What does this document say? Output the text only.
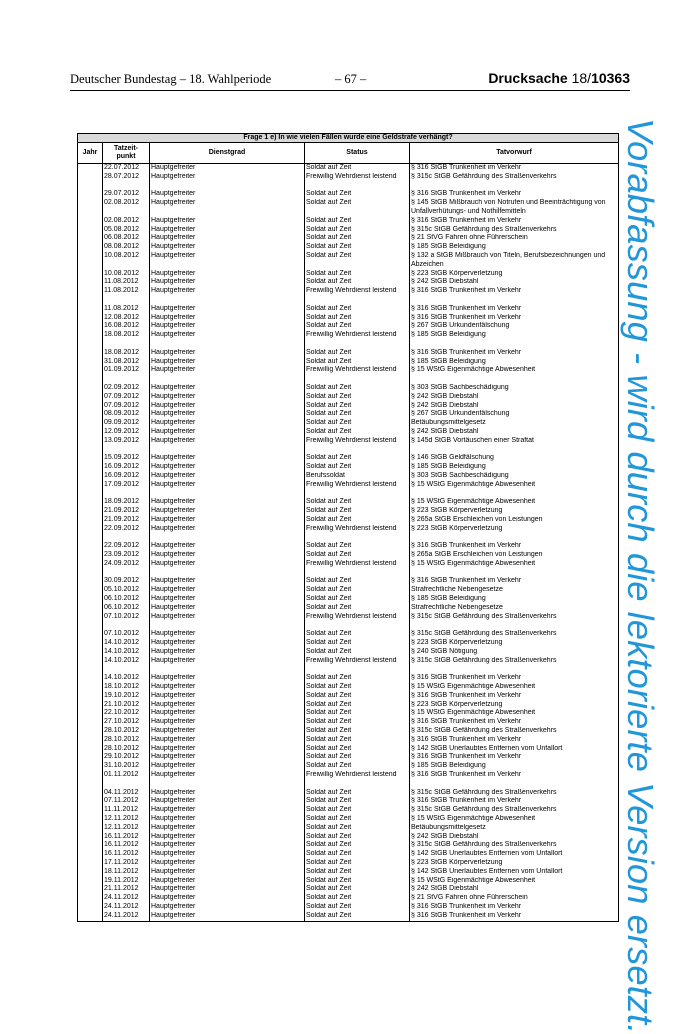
Deutscher Bundestag – 18. Wahlperiode	– 67 –	Drucksache 18/10363
Vorabfassung - wird durch die lektorierte Version ersetzt.
Frage 1 e) In wie vielen Fällen wurde eine Geldstrafe verhängt?				
Jahr	Tatzeit-
punkt	Dienstgrad	Status	Tatvorwurf
	22.07.2012	Hauptgefreiter	Soldat auf Zeit	§ 316 StGB Trunkenheit im Verkehr
	28.07.2012	Hauptgefreiter	Freiwillig Wehrdienst leistend	§ 315c StGB Gefährdung des Straßenverkehrs

	29.07.2012	Hauptgefreiter	Soldat auf Zeit	§ 316 StGB Trunkenheit im Verkehr
	02.08.2012	Hauptgefreiter	Soldat auf Zeit	§ 145 StGB Mißbrauch von Notrufen und Beeinträchtigung von Unfallverhütungs- und Nothilfemitteln
	02.08.2012	Hauptgefreiter	Soldat auf Zeit	§ 316 StGB Trunkenheit im Verkehr
	05.08.2012	Hauptgefreiter	Soldat auf Zeit	§ 315c StGB Gefährdung des Straßenverkehrs
	06.08.2012	Hauptgefreiter	Soldat auf Zeit	§ 21 StVG Fahren ohne Führerschein
	08.08.2012	Hauptgefreiter	Soldat auf Zeit	§ 185 StGB Beleidigung
	10.08.2012	Hauptgefreiter	Soldat auf Zeit	§ 132 a StGB Mißbrauch von Titeln, Berufsbezeichnungen und Abzeichen
	10.08.2012	Hauptgefreiter	Soldat auf Zeit	§ 223 StGB Körperverletzung
	11.08.2012	Hauptgefreiter	Soldat auf Zeit	§ 242 StGB Diebstahl
	11.08.2012	Hauptgefreiter	Freiwillig Wehrdienst leistend	§ 316 StGB Trunkenheit im Verkehr

	11.08.2012	Hauptgefreiter	Soldat auf Zeit	§ 316 StGB Trunkenheit im Verkehr
	12.08.2012	Hauptgefreiter	Soldat auf Zeit	§ 316 StGB Trunkenheit im Verkehr
	16.08.2012	Hauptgefreiter	Soldat auf Zeit	§ 267 StGB Urkundenfälschung
	18.08.2012	Hauptgefreiter	Freiwillig Wehrdienst leistend	§ 185 StGB Beleidigung

	18.08.2012	Hauptgefreiter	Soldat auf Zeit	§ 316 StGB Trunkenheit im Verkehr
	31.08.2012	Hauptgefreiter	Soldat auf Zeit	§ 185 StGB Beleidigung
	01.09.2012	Hauptgefreiter	Freiwillig Wehrdienst leistend	§ 15 WStG Eigenmächtige Abwesenheit

	02.09.2012	Hauptgefreiter	Soldat auf Zeit	§ 303 StGB Sachbeschädigung
	07.09.2012	Hauptgefreiter	Soldat auf Zeit	§ 242 StGB Diebstahl
	07.09.2012	Hauptgefreiter	Soldat auf Zeit	§ 242 StGB Diebstahl
	08.09.2012	Hauptgefreiter	Soldat auf Zeit	§ 267 StGB Urkundenfälschung
	09.09.2012	Hauptgefreiter	Soldat auf Zeit	Betäubungsmittelgesetz
	12.09.2012	Hauptgefreiter	Soldat auf Zeit	§ 242 StGB Diebstahl
	13.09.2012	Hauptgefreiter	Freiwillig Wehrdienst leistend	§ 145d StGB Vortäuschen einer Straftat

	15.09.2012	Hauptgefreiter	Soldat auf Zeit	§ 146 StGB Geldfälschung
	16.09.2012	Hauptgefreiter	Soldat auf Zeit	§ 185 StGB Beleidigung
	16.09.2012	Hauptgefreiter	Berufssoldat	§ 303 StGB Sachbeschädigung
	17.09.2012	Hauptgefreiter	Freiwillig Wehrdienst leistend	§ 15 WStG Eigenmächtige Abwesenheit

	18.09.2012	Hauptgefreiter	Soldat auf Zeit	§ 15 WStG Eigenmächtige Abwesenheit
	21.09.2012	Hauptgefreiter	Soldat auf Zeit	§ 223 StGB Körperverletzung
	21.09.2012	Hauptgefreiter	Soldat auf Zeit	§ 265a StGB Erschleichen von Leistungen
	22.09.2012	Hauptgefreiter	Freiwillig Wehrdienst leistend	§ 223 StGB Körperverletzung

	22.09.2012	Hauptgefreiter	Soldat auf Zeit	§ 316 StGB Trunkenheit im Verkehr
	23.09.2012	Hauptgefreiter	Soldat auf Zeit	§ 265a StGB Erschleichen von Leistungen
	24.09.2012	Hauptgefreiter	Freiwillig Wehrdienst leistend	§ 15 WStG Eigenmächtige Abwesenheit

	30.09.2012	Hauptgefreiter	Soldat auf Zeit	§ 316 StGB Trunkenheit im Verkehr
	05.10.2012	Hauptgefreiter	Soldat auf Zeit	Strafrechtliche Nebengesetze
	06.10.2012	Hauptgefreiter	Soldat auf Zeit	§ 185 StGB Beleidigung
	06.10.2012	Hauptgefreiter	Soldat auf Zeit	Strafrechtliche Nebengesetze
	07.10.2012	Hauptgefreiter	Freiwillig Wehrdienst leistend	§ 315c StGB Gefährdung des Straßenverkehrs

	07.10.2012	Hauptgefreiter	Soldat auf Zeit	§ 315c StGB Gefährdung des Straßenverkehrs
	14.10.2012	Hauptgefreiter	Soldat auf Zeit	§ 223 StGB Körperverletzung
	14.10.2012	Hauptgefreiter	Soldat auf Zeit	§ 240 StGB Nötigung
	14.10.2012	Hauptgefreiter	Freiwillig Wehrdienst leistend	§ 315c StGB Gefährdung des Straßenverkehrs

	14.10.2012	Hauptgefreiter	Soldat auf Zeit	§ 316 StGB Trunkenheit im Verkehr
	18.10.2012	Hauptgefreiter	Soldat auf Zeit	§ 15 WStG Eigenmächtige Abwesenheit
	19.10.2012	Hauptgefreiter	Soldat auf Zeit	§ 316 StGB Trunkenheit im Verkehr
	21.10.2012	Hauptgefreiter	Soldat auf Zeit	§ 223 StGB Körperverletzung
	22.10.2012	Hauptgefreiter	Soldat auf Zeit	§ 15 WStG Eigenmächtige Abwesenheit
	27.10.2012	Hauptgefreiter	Soldat auf Zeit	§ 316 StGB Trunkenheit im Verkehr
	28.10.2012	Hauptgefreiter	Soldat auf Zeit	§ 315c StGB Gefährdung des Straßenverkehrs
	28.10.2012	Hauptgefreiter	Soldat auf Zeit	§ 316 StGB Trunkenheit im Verkehr
	28.10.2012	Hauptgefreiter	Soldat auf Zeit	§ 142 StGB Unerlaubtes Entfernen vom Unfallort
	29.10.2012	Hauptgefreiter	Soldat auf Zeit	§ 316 StGB Trunkenheit im Verkehr
	31.10.2012	Hauptgefreiter	Soldat auf Zeit	§ 185 StGB Beleidigung
	01.11.2012	Hauptgefreiter	Freiwillig Wehrdienst leistend	§ 316 StGB Trunkenheit im Verkehr

	04.11.2012	Hauptgefreiter	Soldat auf Zeit	§ 315c StGB Gefährdung des Straßenverkehrs
	07.11.2012	Hauptgefreiter	Soldat auf Zeit	§ 316 StGB Trunkenheit im Verkehr
	11.11.2012	Hauptgefreiter	Soldat auf Zeit	§ 315c StGB Gefährdung des Straßenverkehrs
	12.11.2012	Hauptgefreiter	Soldat auf Zeit	§ 15 WStG Eigenmächtige Abwesenheit
	12.11.2012	Hauptgefreiter	Soldat auf Zeit	Betäubungsmittelgesetz
	16.11.2012	Hauptgefreiter	Soldat auf Zeit	§ 242 StGB Diebstahl
	16.11.2012	Hauptgefreiter	Soldat auf Zeit	§ 315c StGB Gefährdung des Straßenverkehrs
	16.11.2012	Hauptgefreiter	Soldat auf Zeit	§ 142 StGB Unerlaubtes Entfernen vom Unfallort
	17.11.2012	Hauptgefreiter	Soldat auf Zeit	§ 223 StGB Körperverletzung
	18.11.2012	Hauptgefreiter	Soldat auf Zeit	§ 142 StGB Unerlaubtes Entfernen vom Unfallort
	19.11.2012	Hauptgefreiter	Soldat auf Zeit	§ 15 WStG Eigenmächtige Abwesenheit
	21.11.2012	Hauptgefreiter	Soldat auf Zeit	§ 242 StGB Diebstahl
	24.11.2012	Hauptgefreiter	Soldat auf Zeit	§ 21 StVG Fahren ohne Führerschein
	24.11.2012	Hauptgefreiter	Soldat auf Zeit	§ 316 StGB Trunkenheit im Verkehr
	24.11.2012	Hauptgefreiter	Soldat auf Zeit	§ 316 StGB Trunkenheit im Verkehr
